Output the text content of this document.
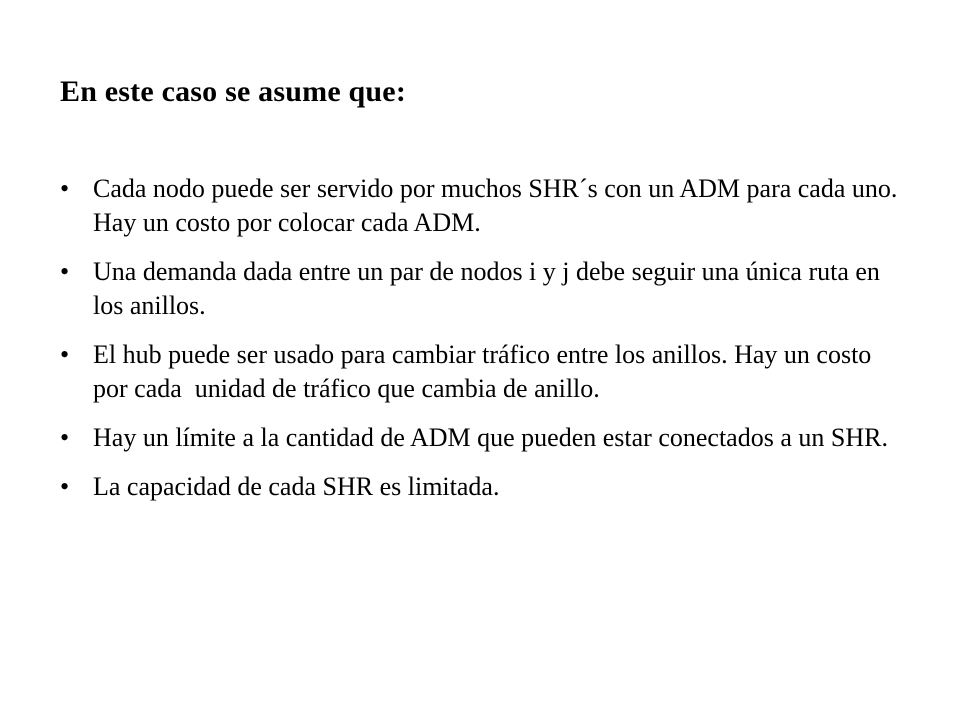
En este caso se asume que:
• Cada nodo puede ser servido por muchos SHR´s con un ADM para cada uno. Hay un costo por colocar cada ADM.
• Una demanda dada entre un par de nodos i y j debe seguir una única ruta en los anillos.
• El hub puede ser usado para cambiar tráfico entre los anillos. Hay un costo por cada  unidad de tráfico que cambia de anillo.
• Hay un límite a la cantidad de ADM que pueden estar conectados a un SHR.
• La capacidad de cada SHR es limitada.
